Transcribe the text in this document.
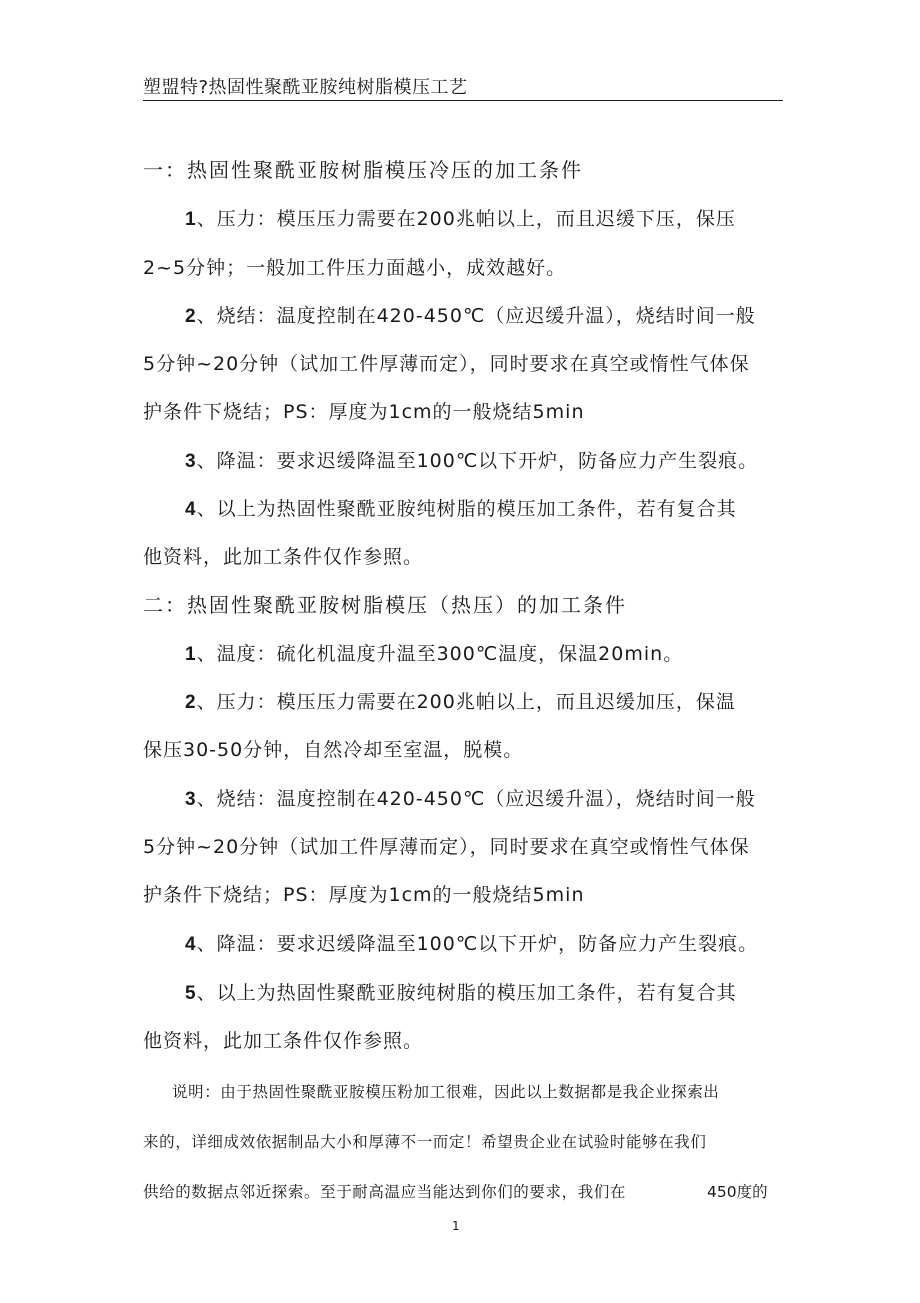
塑盟特?热固性聚酰亚胺纯树脂模压工艺
一：热固性聚酰亚胺树脂模压冷压的加工条件
1、压力：模压压力需要在200兆帕以上，而且迟缓下压，保压
2~5分钟；一般加工件压力面越小，成效越好。
2、烧结：温度控制在420-450℃（应迟缓升温），烧结时间一般
5分钟~20分钟（试加工件厚薄而定），同时要求在真空或惰性气体保
护条件下烧结；PS：厚度为1cm的一般烧结5min
3、降温：要求迟缓降温至100℃以下开炉，防备应力产生裂痕。
4、以上为热固性聚酰亚胺纯树脂的模压加工条件，若有复合其
他资料，此加工条件仅作参照。
二：热固性聚酰亚胺树脂模压（热压）的加工条件
1、温度：硫化机温度升温至300℃温度，保温20min。
2、压力：模压压力需要在200兆帕以上，而且迟缓加压，保温
保压30-50分钟，自然冷却至室温，脱模。
3、烧结：温度控制在420-450℃（应迟缓升温），烧结时间一般
5分钟~20分钟（试加工件厚薄而定），同时要求在真空或惰性气体保
护条件下烧结；PS：厚度为1cm的一般烧结5min
4、降温：要求迟缓降温至100℃以下开炉，防备应力产生裂痕。
5、以上为热固性聚酰亚胺纯树脂的模压加工条件，若有复合其
他资料，此加工条件仅作参照。
说明：由于热固性聚酰亚胺模压粉加工很难，因此以上数据都是我企业探索出
来的，详细成效依据制品大小和厚薄不一而定！希望贵企业在试验时能够在我们
供给的数据点邻近探索。至于耐高温应当能达到你们的要求，我们在	450度的
1
